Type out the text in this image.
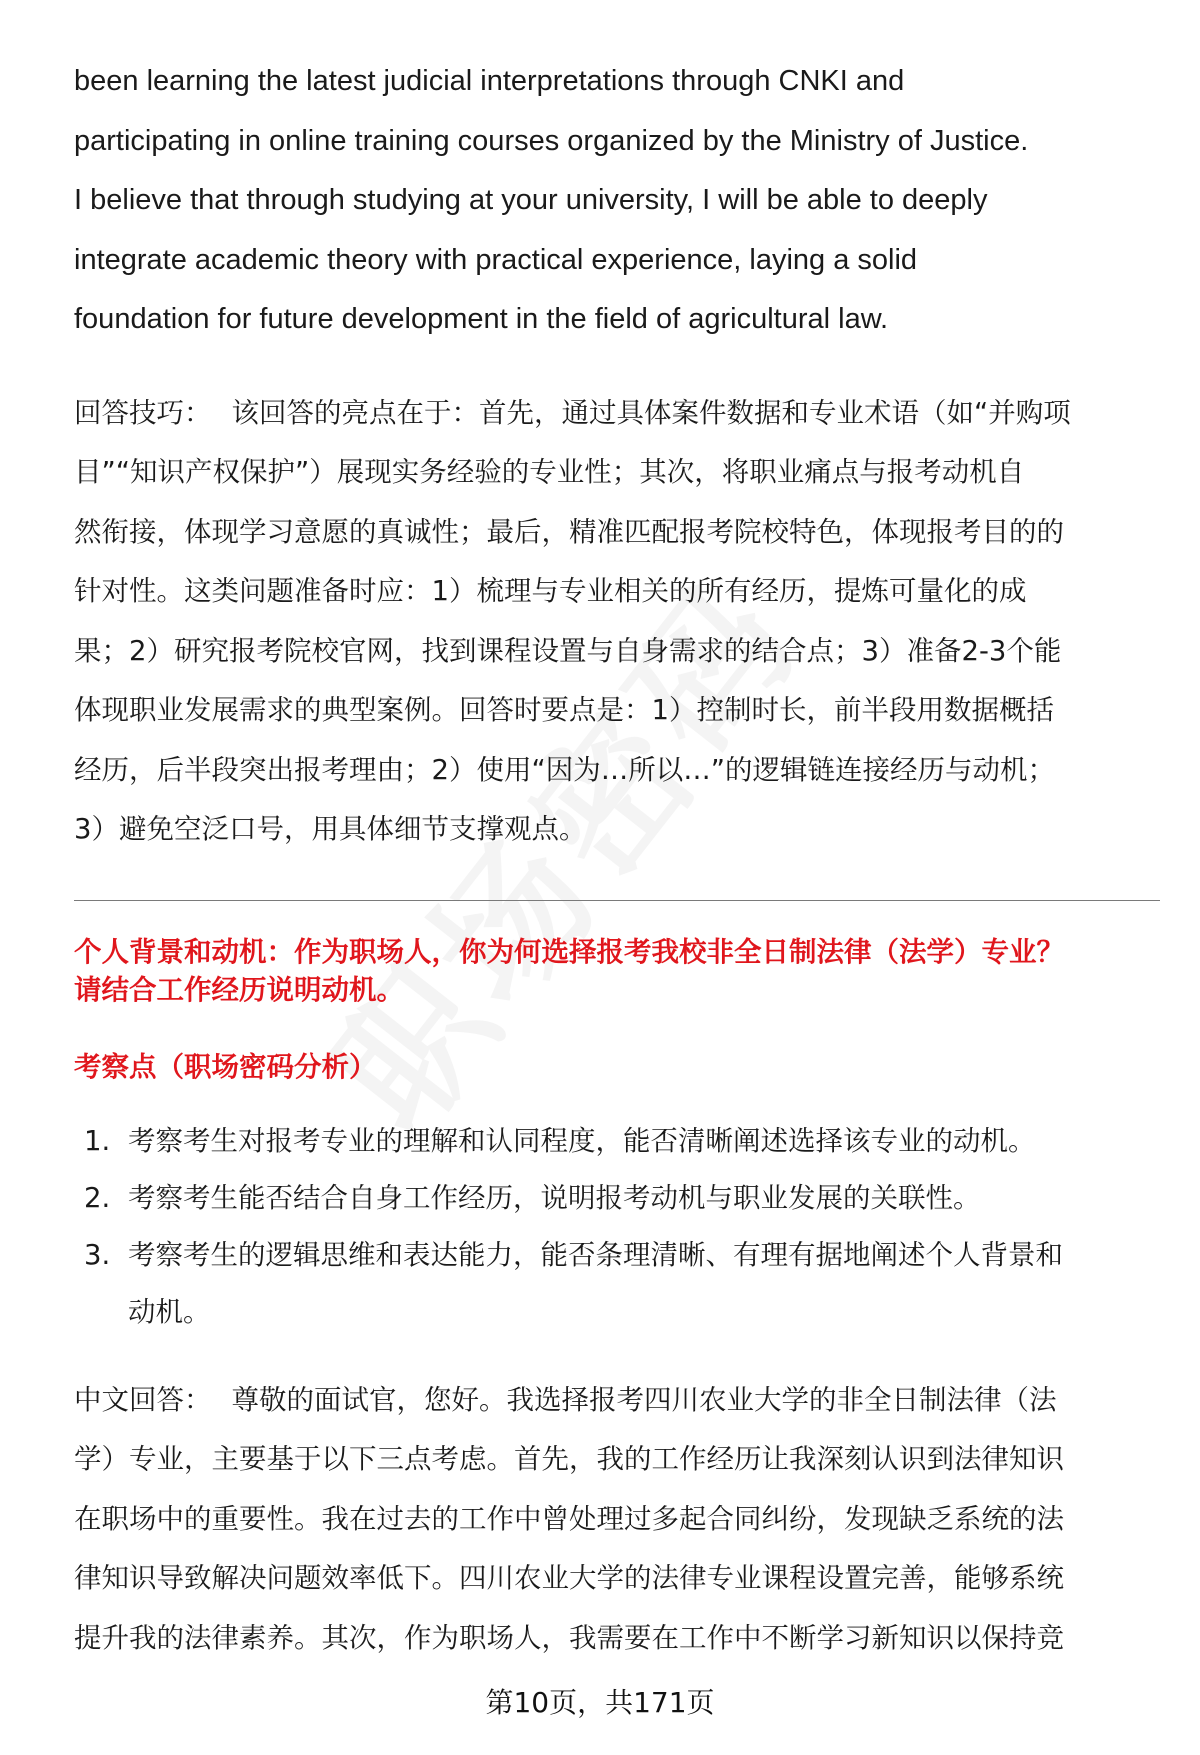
been learning the latest judicial interpretations through CNKI and
participating in online training courses organized by the Ministry of Justice.
I believe that through studying at your university, I will be able to deeply
integrate academic theory with practical experience, laying a solid
foundation for future development in the field of agricultural law.
回答技巧： 该回答的亮点在于：首先，通过具体案件数据和专业术语（如“并购项
目”“知识产权保护”）展现实务经验的专业性；其次，将职业痛点与报考动机自
然衔接，体现学习意愿的真诚性；最后，精准匹配报考院校特色，体现报考目的的
针对性。这类问题准备时应：1）梳理与专业相关的所有经历，提炼可量化的成
果；2）研究报考院校官网，找到课程设置与自身需求的结合点；3）准备2-3个能
体现职业发展需求的典型案例。回答时要点是：1）控制时长，前半段用数据概括
经历，后半段突出报考理由；2）使用“因为…所以…”的逻辑链连接经历与动机；
3）避免空泛口号，用具体细节支撑观点。
个人背景和动机：作为职场人，你为何选择报考我校非全日制法律（法学）专业？
请结合工作经历说明动机。
考察点（职场密码分析）
1. 考察考生对报考专业的理解和认同程度，能否清晰阐述选择该专业的动机。
2. 考察考生能否结合自身工作经历，说明报考动机与职业发展的关联性。
3. 考察考生的逻辑思维和表达能力，能否条理清晰、有理有据地阐述个人背景和
动机。
中文回答： 尊敬的面试官，您好。我选择报考四川农业大学的非全日制法律（法
学）专业，主要基于以下三点考虑。首先，我的工作经历让我深刻认识到法律知识
在职场中的重要性。我在过去的工作中曾处理过多起合同纠纷，发现缺乏系统的法
律知识导致解决问题效率低下。四川农业大学的法律专业课程设置完善，能够系统
提升我的法律素养。其次，作为职场人，我需要在工作中不断学习新知识以保持竞
第10页，共171页
